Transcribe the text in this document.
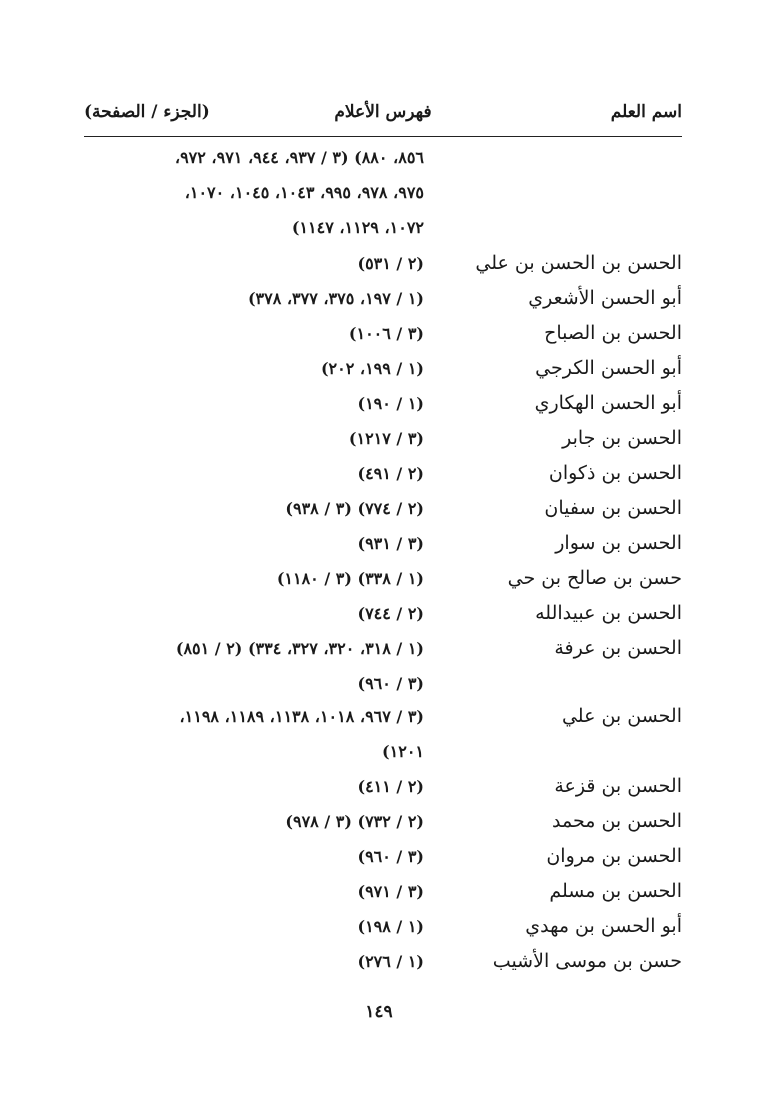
اسم العلم
فهرس الأعلام
(الجزء / الصفحة)
٨٥٦، ٨٨٠) (٣ / ٩٣٧، ٩٤٤، ٩٧١، ٩٧٢،
٩٧٥، ٩٧٨، ٩٩٥، ١٠٤٣، ١٠٤٥، ١٠٧٠،
١٠٧٢، ١١٢٩، ١١٤٧)
الحسن بن الحسن بن علي
(٢ / ٥٣١)
أبو الحسن الأشعري
(١ / ١٩٧، ٣٧٥، ٣٧٧، ٣٧٨)
الحسن بن الصباح
(٣ / ١٠٠٦)
أبو الحسن الكرجي
(١ / ١٩٩، ٢٠٢)
أبو الحسن الهكاري
(١ / ١٩٠)
الحسن بن جابر
(٣ / ١٢١٧)
الحسن بن ذكوان
(٢ / ٤٩١)
الحسن بن سفيان
(٢ / ٧٧٤) (٣ / ٩٣٨)
الحسن بن سوار
(٣ / ٩٣١)
حسن بن صالح بن حي
(١ / ٣٣٨) (٣ / ١١٨٠)
الحسن بن عبيدالله
(٢ / ٧٤٤)
الحسن بن عرفة
(١ / ٣١٨، ٣٢٠، ٣٢٧، ٣٣٤) (٢ / ٨٥١)
(٣ / ٩٦٠)
الحسن بن علي
(٣ / ٩٦٧، ١٠١٨، ١١٣٨، ١١٨٩، ١١٩٨،
١٢٠١)
الحسن بن قزعة
(٢ / ٤١١)
الحسن بن محمد
(٢ / ٧٣٢) (٣ / ٩٧٨)
الحسن بن مروان
(٣ / ٩٦٠)
الحسن بن مسلم
(٣ / ٩٧١)
أبو الحسن بن مهدي
(١ / ١٩٨)
حسن بن موسى الأشيب
(١ / ٢٧٦)
١٤٩
